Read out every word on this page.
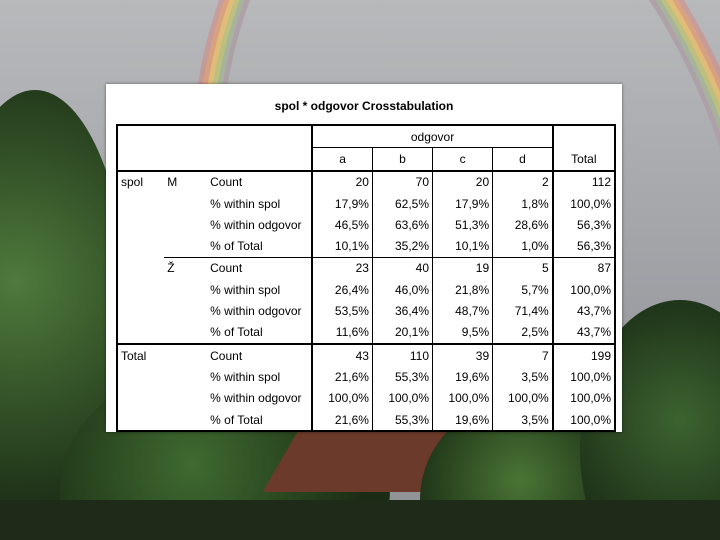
spol * odgovor Crosstabulation
			odgovor				
			a	b	c	d	Total
spol	M	Count	20	70	20	2	112
		% within spol	17,9%	62,5%	17,9%	1,8%	100,0%
		% within odgovor	46,5%	63,6%	51,3%	28,6%	56,3%
		% of Total	10,1%	35,2%	10,1%	1,0%	56,3%
	Ž	Count	23	40	19	5	87
		% within spol	26,4%	46,0%	21,8%	5,7%	100,0%
		% within odgovor	53,5%	36,4%	48,7%	71,4%	43,7%
		% of Total	11,6%	20,1%	9,5%	2,5%	43,7%
Total		Count	43	110	39	7	199
		% within spol	21,6%	55,3%	19,6%	3,5%	100,0%
		% within odgovor	100,0%	100,0%	100,0%	100,0%	100,0%
		% of Total	21,6%	55,3%	19,6%	3,5%	100,0%
